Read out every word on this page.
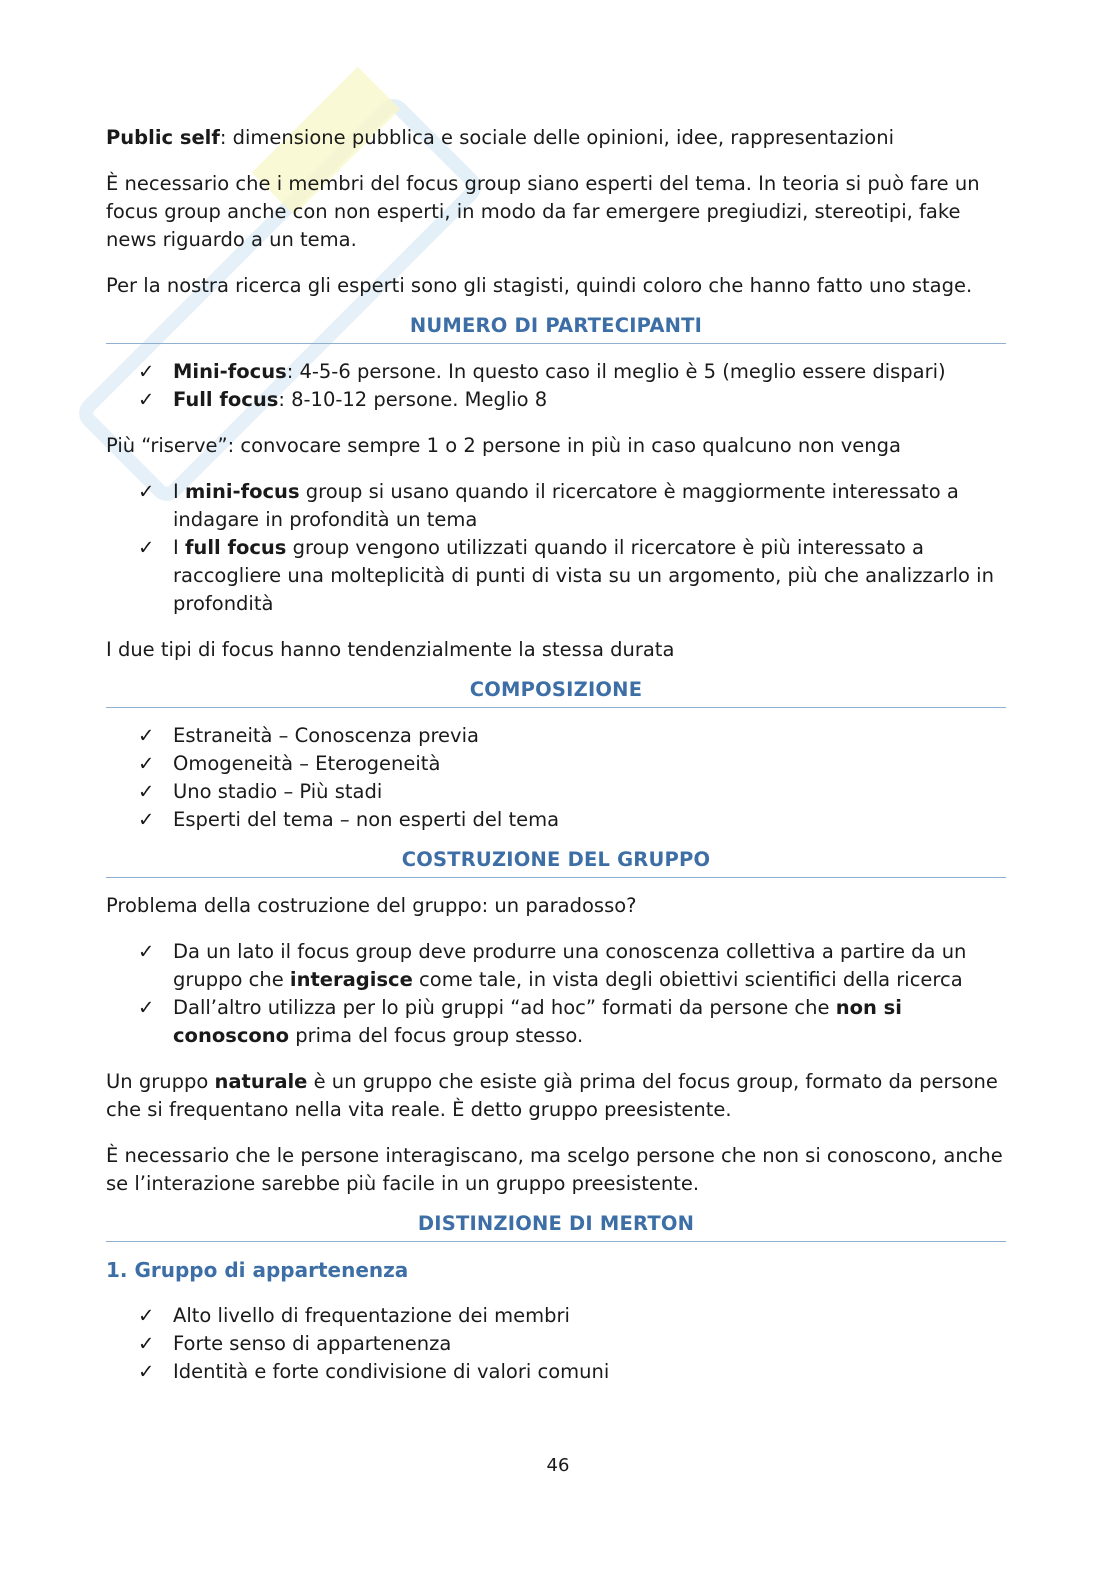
Public self: dimensione pubblica e sociale delle opinioni, idee, rappresentazioni

È necessario che i membri del focus group siano esperti del tema. In teoria si può fare un focus group anche con non esperti, in modo da far emergere pregiudizi, stereotipi, fake news riguardo a un tema.

Per la nostra ricerca gli esperti sono gli stagisti, quindi coloro che hanno fatto uno stage.

NUMERO DI PARTECIPANTI
✓ Mini-focus: 4-5-6 persone. In questo caso il meglio è 5 (meglio essere dispari)
✓ Full focus: 8-10-12 persone. Meglio 8

Più “riserve”: convocare sempre 1 o 2 persone in più in caso qualcuno non venga

✓ I mini-focus group si usano quando il ricercatore è maggiormente interessato a indagare in profondità un tema
✓ I full focus group vengono utilizzati quando il ricercatore è più interessato a raccogliere una molteplicità di punti di vista su un argomento, più che analizzarlo in profondità

I due tipi di focus hanno tendenzialmente la stessa durata

COMPOSIZIONE
✓ Estraneità – Conoscenza previa
✓ Omogeneità – Eterogeneità
✓ Uno stadio – Più stadi
✓ Esperti del tema – non esperti del tema
COSTRUZIONE DEL GRUPPO

Problema della costruzione del gruppo: un paradosso?

✓ Da un lato il focus group deve produrre una conoscenza collettiva a partire da un gruppo che interagisce come tale, in vista degli obiettivi scientifici della ricerca
✓ Dall’altro utilizza per lo più gruppi “ad hoc” formati da persone che non si conoscono prima del focus group stesso.

Un gruppo naturale è un gruppo che esiste già prima del focus group, formato da persone che si frequentano nella vita reale. È detto gruppo preesistente.

È necessario che le persone interagiscano, ma scelgo persone che non si conoscono, anche se l’interazione sarebbe più facile in un gruppo preesistente.

DISTINZIONE DI MERTON
1. Gruppo di appartenenza
✓ Alto livello di frequentazione dei membri
✓ Forte senso di appartenenza
✓ Identità e forte condivisione di valori comuni
46
